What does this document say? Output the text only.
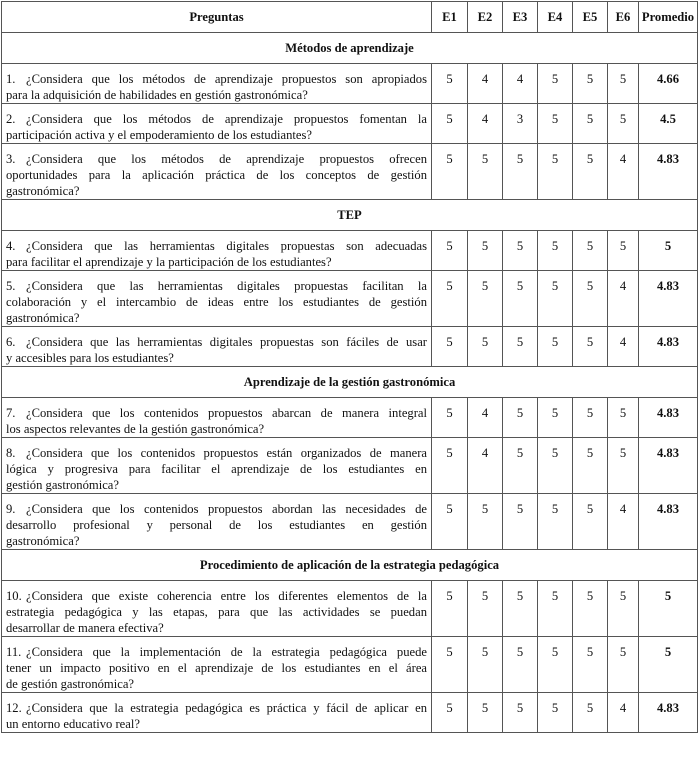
Preguntas	E1	E2	E3	E4	E5	E6	Promedio
Métodos de aprendizaje							

1. ¿Considera que los métodos de aprendizaje propuestos son apropiados
para la adquisición de habilidades en gestión gastronómica?	5	4	4	5	5	5	4.66

2. ¿Considera que los métodos de aprendizaje propuestos fomentan la
participación activa y el empoderamiento de los estudiantes?	5	4	3	5	5	5	4.5

3. ¿Considera que los métodos de aprendizaje propuestos ofrecen
oportunidades para la aplicación práctica de los conceptos de gestión
gastronómica?	5	5	5	5	5	4	4.83
TEP							

4. ¿Considera que las herramientas digitales propuestas son adecuadas
para facilitar el aprendizaje y la participación de los estudiantes?	5	5	5	5	5	5	5

5. ¿Considera que las herramientas digitales propuestas facilitan la
colaboración y el intercambio de ideas entre los estudiantes de gestión
gastronómica?	5	5	5	5	5	4	4.83

6. ¿Considera que las herramientas digitales propuestas son fáciles de usar
y accesibles para los estudiantes?	5	5	5	5	5	4	4.83
Aprendizaje de la gestión gastronómica							

7. ¿Considera que los contenidos propuestos abarcan de manera integral
los aspectos relevantes de la gestión gastronómica?	5	4	5	5	5	5	4.83

8. ¿Considera que los contenidos propuestos están organizados de manera
lógica y progresiva para facilitar el aprendizaje de los estudiantes en
gestión gastronómica?	5	4	5	5	5	5	4.83

9. ¿Considera que los contenidos propuestos abordan las necesidades de
desarrollo profesional y personal de los estudiantes en gestión
gastronómica?	5	5	5	5	5	4	4.83
Procedimiento de aplicación de la estrategia pedagógica							

10. ¿Considera que existe coherencia entre los diferentes elementos de la
estrategia pedagógica y las etapas, para que las actividades se puedan
desarrollar de manera efectiva?	5	5	5	5	5	5	5

11. ¿Considera que la implementación de la estrategia pedagógica puede
tener un impacto positivo en el aprendizaje de los estudiantes en el área
de gestión gastronómica?	5	5	5	5	5	5	5

12. ¿Considera que la estrategia pedagógica es práctica y fácil de aplicar en
un entorno educativo real?	5	5	5	5	5	4	4.83
